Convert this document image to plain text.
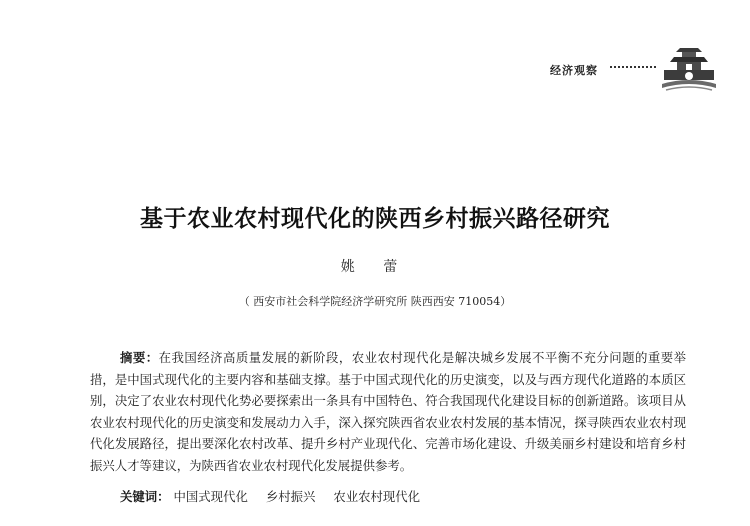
经济观察
基于农业农村现代化的陕西乡村振兴路径研究
姚 蕾
（ 西安市社会科学院经济学研究所 陕西西安 710054）
摘要：在我国经济高质量发展的新阶段，农业农村现代化是解决城乡发展不平衡不充分问题的重要举措，是中国式现代化的主要内容和基础支撑。基于中国式现代化的历史演变，以及与西方现代化道路的本质区别，决定了农业农村现代化势必要探索出一条具有中国特色、符合我国现代化建设目标的创新道路。该项目从农业农村现代化的历史演变和发展动力入手，深入探究陕西省农业农村发展的基本情况，探寻陕西农业农村现代化发展路径，提出要深化农村改革、提升乡村产业现代化、完善市场化建设、升级美丽乡村建设和培育乡村振兴人才等建议，为陕西省农业农村现代化发展提供参考。
关键词： 中国式现代化 乡村振兴 农业农村现代化
